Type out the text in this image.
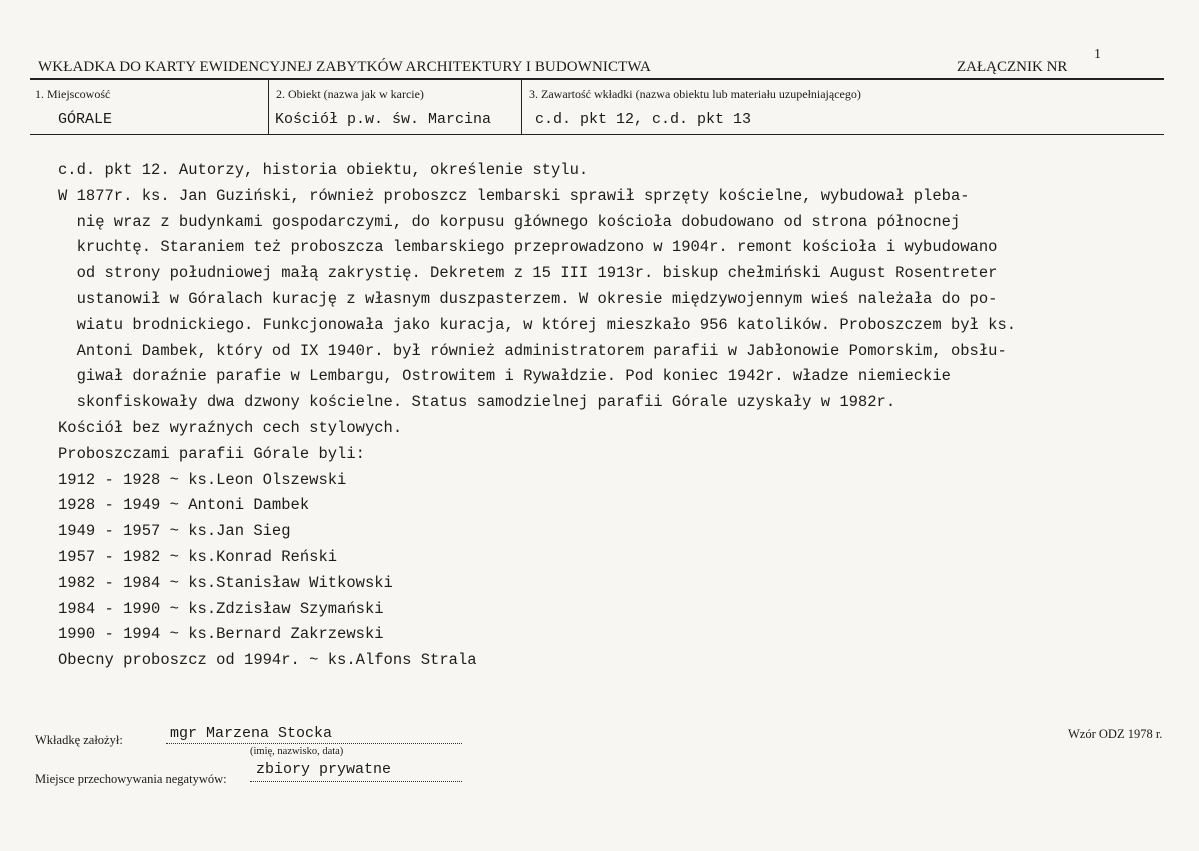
WKŁADKA DO KARTY EWIDENCYJNEJ ZABYTKÓW ARCHITEKTURY I BUDOWNICTWA	ZAŁĄCZNIK NR
1
1. Miejscowość	2. Obiekt (nazwa jak w karcie)	3. Zawartość wkładki (nazwa obiektu lub materiału uzupełniającego)
GÓRALE	Kościół p.w. św. Marcina	c.d. pkt 12, c.d. pkt 13
c.d. pkt 12. Autorzy, historia obiektu, określenie stylu.
W 1877r. ks. Jan Guziński, również proboszcz lembarski sprawił sprzęty kościelne, wybudował pleba-
nię wraz z budynkami gospodarczymi, do korpusu głównego kościoła dobudowano od strona północnej
kruchtę. Staraniem też proboszcza lembarskiego przeprowadzono w 1904r. remont kościoła i wybudowano
od strony południowej małą zakrystię. Dekretem z 15 III 1913r. biskup chełmiński August Rosentreter
ustanowił w Góralach kurację z własnym duszpasterzem. W okresie międzywojennym wieś należała do po-
wiatu brodnickiego. Funkcjonowała jako kuracja, w której mieszkało 956 katolików. Proboszczem był ks.
Antoni Dambek, który od IX 1940r. był również administratorem parafii w Jabłonowie Pomorskim, obsłu-
giwał doraźnie parafie w Lembargu, Ostrowitem i Rywałdzie. Pod koniec 1942r. władze niemieckie
skonfiskowały dwa dzwony kościelne. Status samodzielnej parafii Górale uzyskały w 1982r.
Kościół bez wyraźnych cech stylowych.
Proboszczami parafii Górale byli:
1912 - 1928 ~ ks.Leon Olszewski
1928 - 1949 ~ Antoni Dambek
1949 - 1957 ~ ks.Jan Sieg
1957 - 1982 ~ ks.Konrad Reński
1982 - 1984 ~ ks.Stanisław Witkowski
1984 - 1990 ~ ks.Zdzisław Szymański
1990 - 1994 ~ ks.Bernard Zakrzewski
Obecny proboszcz od 1994r. ~ ks.Alfons Strala
Wkładkę założył:	mgr Marzena Stocka
(imię, nazwisko, data)
Miejsce przechowywania negatywów:
zbiory prywatne
Wzór ODZ 1978 r.
